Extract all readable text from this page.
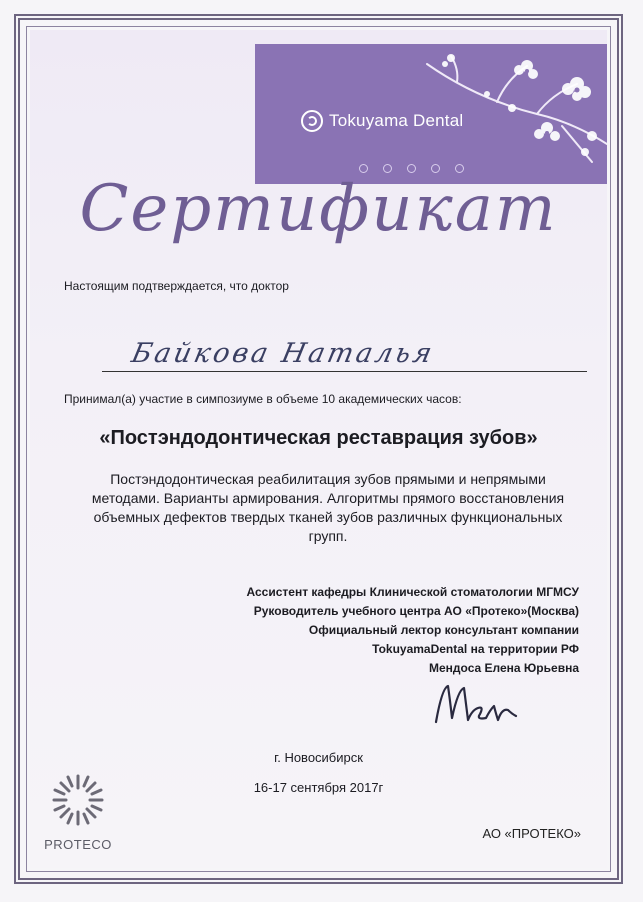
Tokuyama Dental
Сертификат
Настоящим подтверждается, что доктор
Байкова Наталья
Принимал(а) участие в симпозиуме в объеме 10 академических часов:
«Постэндодонтическая реставрация зубов»
Постэндодонтическая реабилитация зубов прямыми и непрямыми методами. Варианты армирования. Алгоритмы прямого восстановления объемных дефектов твердых тканей зубов различных функциональных групп.
Ассистент кафедры Клинической стоматологии МГМСУ
Руководитель учебного центра АО «Протеко»(Москва)
Официальный лектор консультант компании
TokuyamaDental на территории РФ
Мендоса Елена Юрьевна
г. Новосибирск
16-17 сентября 2017г
PROTECO
АО «ПРОТЕКО»
